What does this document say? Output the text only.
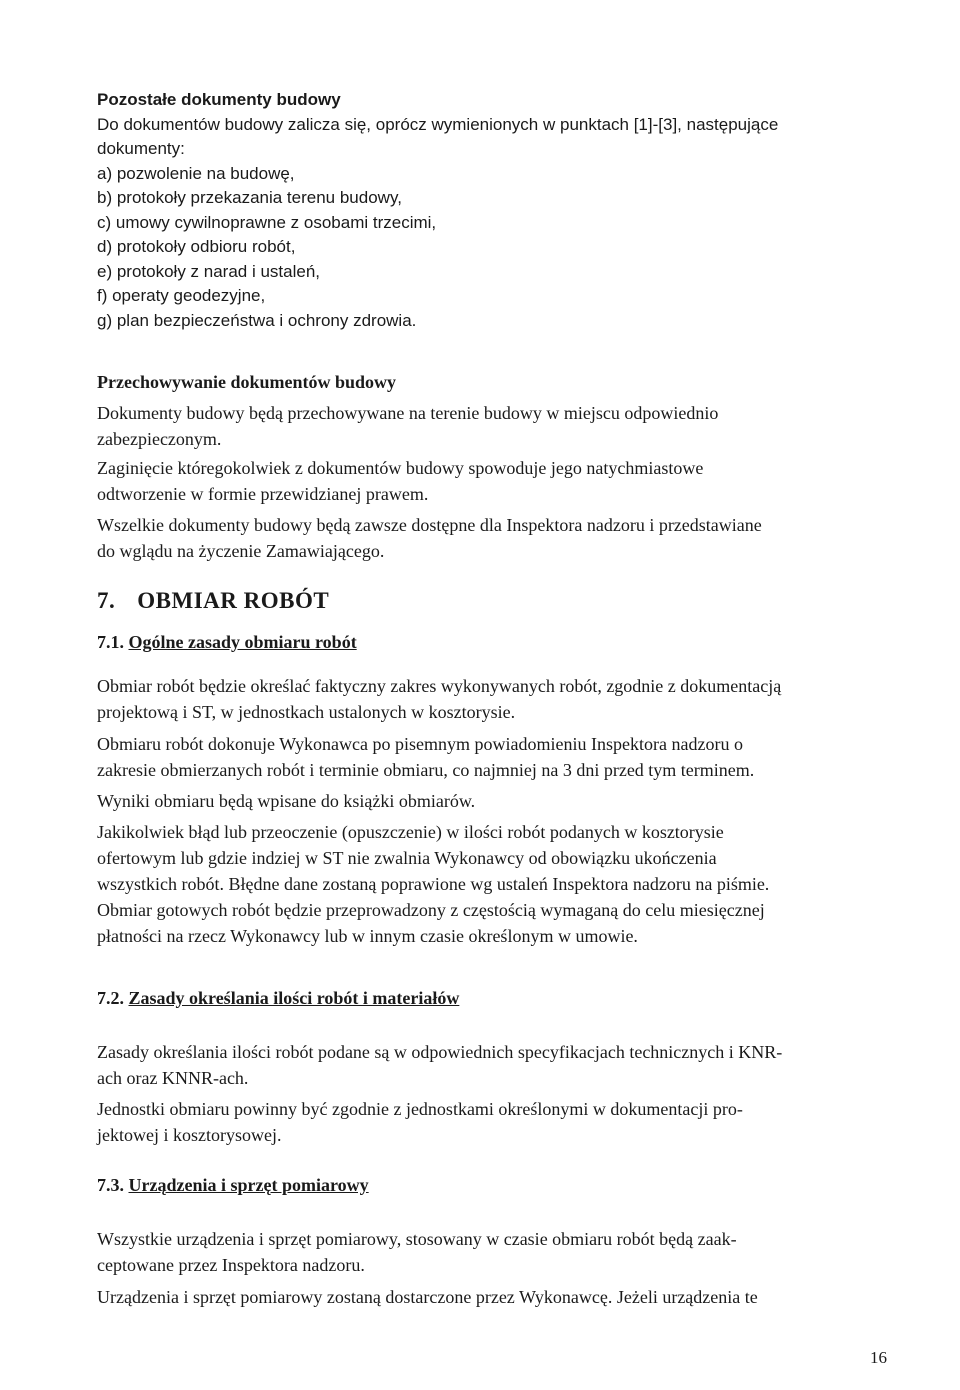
Pozostałe dokumenty budowy
Do dokumentów budowy zalicza się, oprócz wymienionych w punktach [1]-[3], następujące
dokumenty:
a) pozwolenie na budowę,
b) protokoły przekazania terenu budowy,
c) umowy cywilnoprawne z osobami trzecimi,
d) protokoły odbioru robót,
e) protokoły z narad i ustaleń,
f) operaty geodezyjne,
g) plan bezpieczeństwa i ochrony zdrowia.
Przechowywanie dokumentów budowy
Dokumenty budowy będą przechowywane na terenie budowy w miejscu odpowiednio
zabezpieczonym.
Zaginięcie któregokolwiek z dokumentów budowy spowoduje jego natychmiastowe
odtworzenie w formie przewidzianej prawem.
Wszelkie dokumenty budowy będą zawsze dostępne dla Inspektora nadzoru i przedstawiane
do wglądu na życzenie Zamawiającego.
7. OBMIAR ROBÓT
7.1. Ogólne zasady obmiaru robót
Obmiar robót będzie określać faktyczny zakres wykonywanych robót, zgodnie z dokumentacją
projektową i ST, w jednostkach ustalonych w kosztorysie.
Obmiaru robót dokonuje Wykonawca po pisemnym powiadomieniu Inspektora nadzoru o
zakresie obmierzanych robót i terminie obmiaru, co najmniej na 3 dni przed tym terminem.
Wyniki obmiaru będą wpisane do książki obmiarów.
Jakikolwiek błąd lub przeoczenie (opuszczenie) w ilości robót podanych w kosztorysie
ofertowym lub gdzie indziej w ST nie zwalnia Wykonawcy od obowiązku ukończenia
wszystkich robót. Błędne dane zostaną poprawione wg ustaleń Inspektora nadzoru na piśmie.
Obmiar gotowych robót będzie przeprowadzony z częstością wymaganą do celu miesięcznej
płatności na rzecz Wykonawcy lub w innym czasie określonym w umowie.
7.2. Zasady określania ilości robót i materiałów
Zasady określania ilości robót podane są w odpowiednich specyfikacjach technicznych i KNR-
ach oraz KNNR-ach.
Jednostki obmiaru powinny być zgodnie z jednostkami określonymi w dokumentacji pro-
jektowej i kosztorysowej.
7.3. Urządzenia i sprzęt pomiarowy
Wszystkie urządzenia i sprzęt pomiarowy, stosowany w czasie obmiaru robót będą zaak-
ceptowane przez Inspektora nadzoru.
Urządzenia i sprzęt pomiarowy zostaną dostarczone przez Wykonawcę. Jeżeli urządzenia te
16
